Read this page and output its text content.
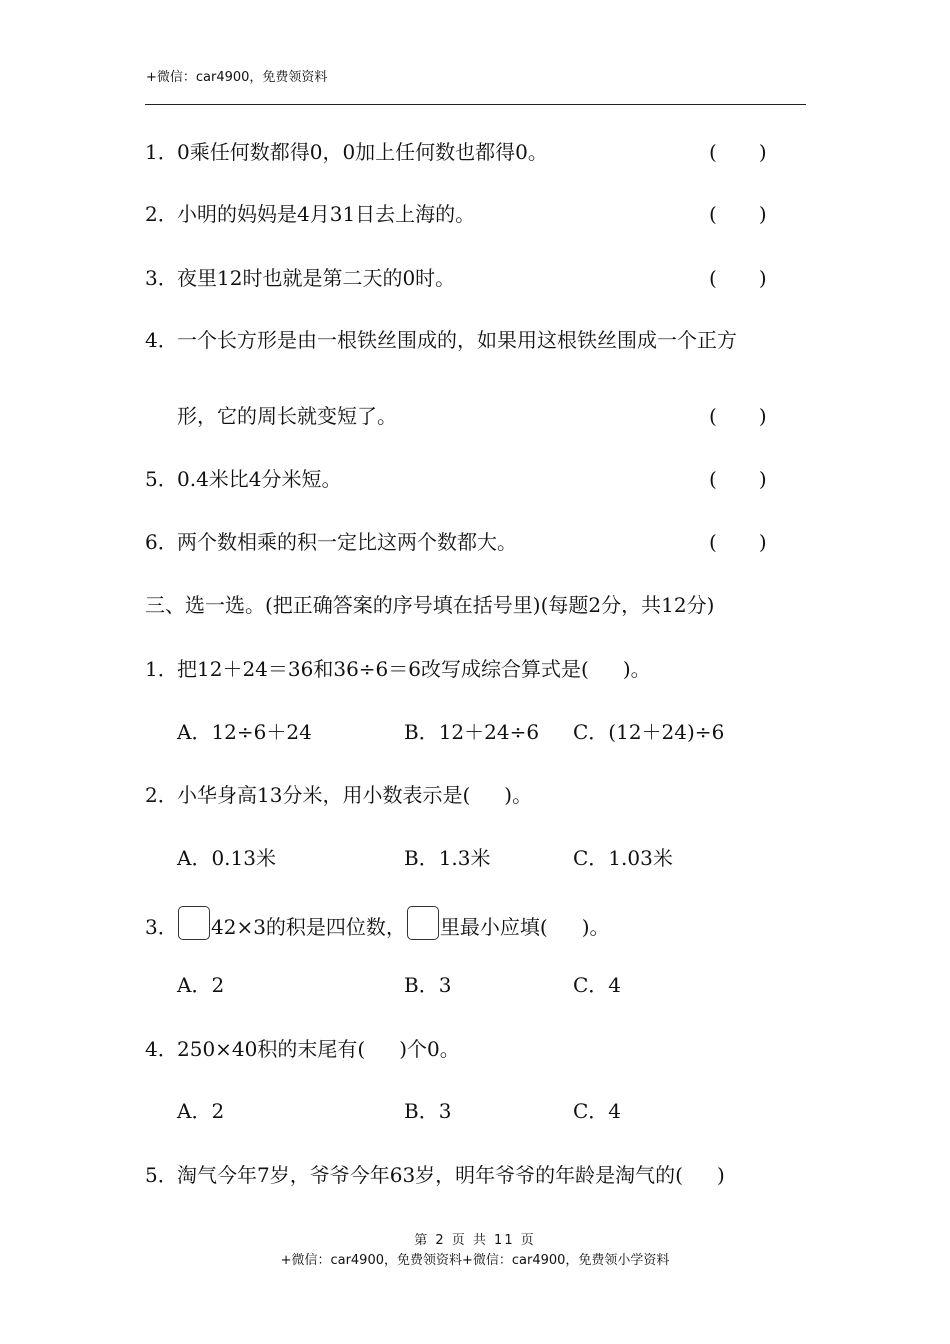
+微信：car4900，免费领资料
1．0乘任何数都得0，0加上任何数也都得0。	( )
2．小明的妈妈是4月31日去上海的。	( )
3．夜里12时也就是第二天的0时。	( )
4．一个长方形是由一根铁丝围成的，如果用这根铁丝围成一个正方
形，它的周长就变短了。	( )
5．0.4米比4分米短。	( )
6．两个数相乘的积一定比这两个数都大。	( )
三、选一选。(把正确答案的序号填在括号里)(每题2分，共12分)
1．把12＋24＝36和36÷6＝6改写成综合算式是( )。
A．12÷6＋24	B．12＋24÷6 C．(12＋24)÷6
2．小华身高13分米，用小数表示是( )。
A．0.13米	B．1.3米	C．1.03米
3． 42×3的积是四位数， 里最小应填( )。
A．2	B．3	C．4
4．250×40积的末尾有( )个0。
A．2	B．3	C．4
5．淘气今年7岁，爷爷今年63岁，明年爷爷的年龄是淘气的( )
第 2 页 共 11 页
+微信：car4900，免费领资料+微信：car4900，免费领小学资料
